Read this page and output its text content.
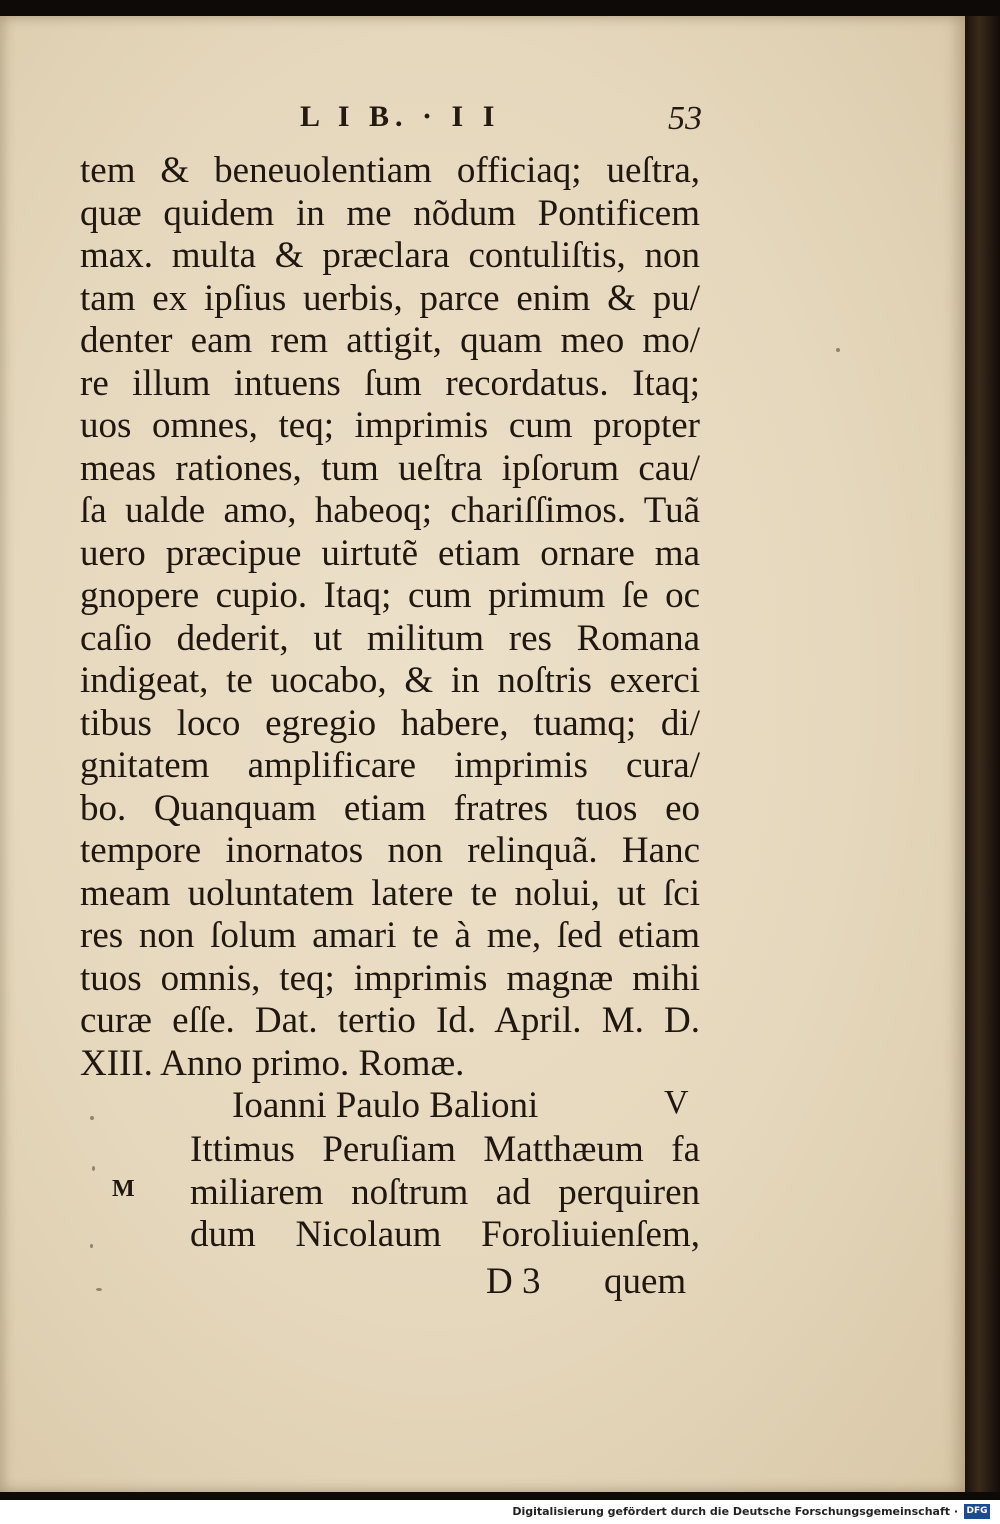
L I B. · I I	53
tem & beneuolentiam officiaq; ueſtra,
quæ quidem in me nõdum Pontificem
max. multa & præclara contuliſtis, non
tam ex ipſius uerbis, parce enim & pu/
denter eam rem attigit, quam meo mo/
re illum intuens ſum recordatus. Itaq;
uos omnes, teq; imprimis cum propter
meas rationes, tum ueſtra ipſorum cau/
ſa ualde amo, habeoq; chariſſimos. Tuã
uero præcipue uirtutẽ etiam ornare ma
gnopere cupio. Itaq; cum primum ſe oc
caſio dederit, ut militum res Romana
indigeat, te uocabo, & in noſtris exerci
tibus loco egregio habere, tuamq; di/
gnitatem amplificare imprimis cura/
bo. Quanquam etiam fratres tuos eo
tempore inornatos non relinquã. Hanc
meam uoluntatem latere te nolui, ut ſci
res non ſolum amari te à me, ſed etiam
tuos omnis, teq; imprimis magnæ mihi
curæ eſſe. Dat. tertio Id. April. M. D.
XIII. Anno primo. Romæ.
Ioanni Paulo Balioni	V
M
Ittimus Peruſiam Matthæum fa
miliarem noſtrum ad perquiren
dum Nicolaum Foroliuienſem,
D 3 quem
Digitalisierung gefördert durch die Deutsche Forschungsgemeinschaft · DFG
